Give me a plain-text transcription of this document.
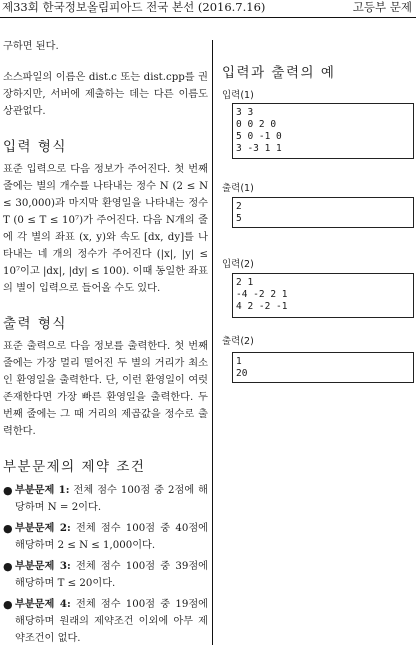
제33회 한국정보올림피아드 전국 본선 (2016.7.16)	고등부 문제

구하면 된다.

소스파일의 이름은 dist.c 또는 dist.cpp를 권장하지만, 서버에 제출하는 데는 다른 이름도 상관없다.

입력 형식

표준 입력으로 다음 정보가 주어진다. 첫 번째 줄에는 별의 개수를 나타내는 정수 N (2 ≤ N ≤ 30,000)과 마지막 환영일을 나타내는 정수 T (0 ≤ T ≤ 10⁷)가 주어진다. 다음 N개의 줄에 각 별의 좌표 (x, y)와 속도 [dx, dy]를 나타내는 네 개의 정수가 주어진다 (|x|, |y| ≤ 10⁷이고 |dx|, |dy| ≤ 100). 이때 동일한 좌표의 별이 입력으로 들어올 수도 있다.

출력 형식

표준 출력으로 다음 정보를 출력한다. 첫 번째 줄에는 가장 멀리 떨어진 두 별의 거리가 최소인 환영일을 출력한다. 단, 이런 환영일이 여럿 존재한다면 가장 빠른 환영일을 출력한다. 두 번째 줄에는 그 때 거리의 제곱값을 정수로 출력한다.

부분문제의 제약 조건
● 부분문제 1: 전체 점수 100점 중 2점에 해당하며 N = 2이다.
● 부분문제 2: 전체 점수 100점 중 40점에 해당하며 2 ≤ N ≤ 1,000이다.
● 부분문제 3: 전체 점수 100점 중 39점에 해당하며 T ≤ 20이다.
● 부분문제 4: 전체 점수 100점 중 19점에 해당하며 원래의 제약조건 이외에 아무 제약조건이 없다.
입력과 출력의 예
입력(1)
3 3
0 0 2 0
5 0 -1 0
3 -3 1 1
출력(1)
2
5
입력(2)
2 1
-4 -2 2 1
4 2 -2 -1
출력(2)
1
20
